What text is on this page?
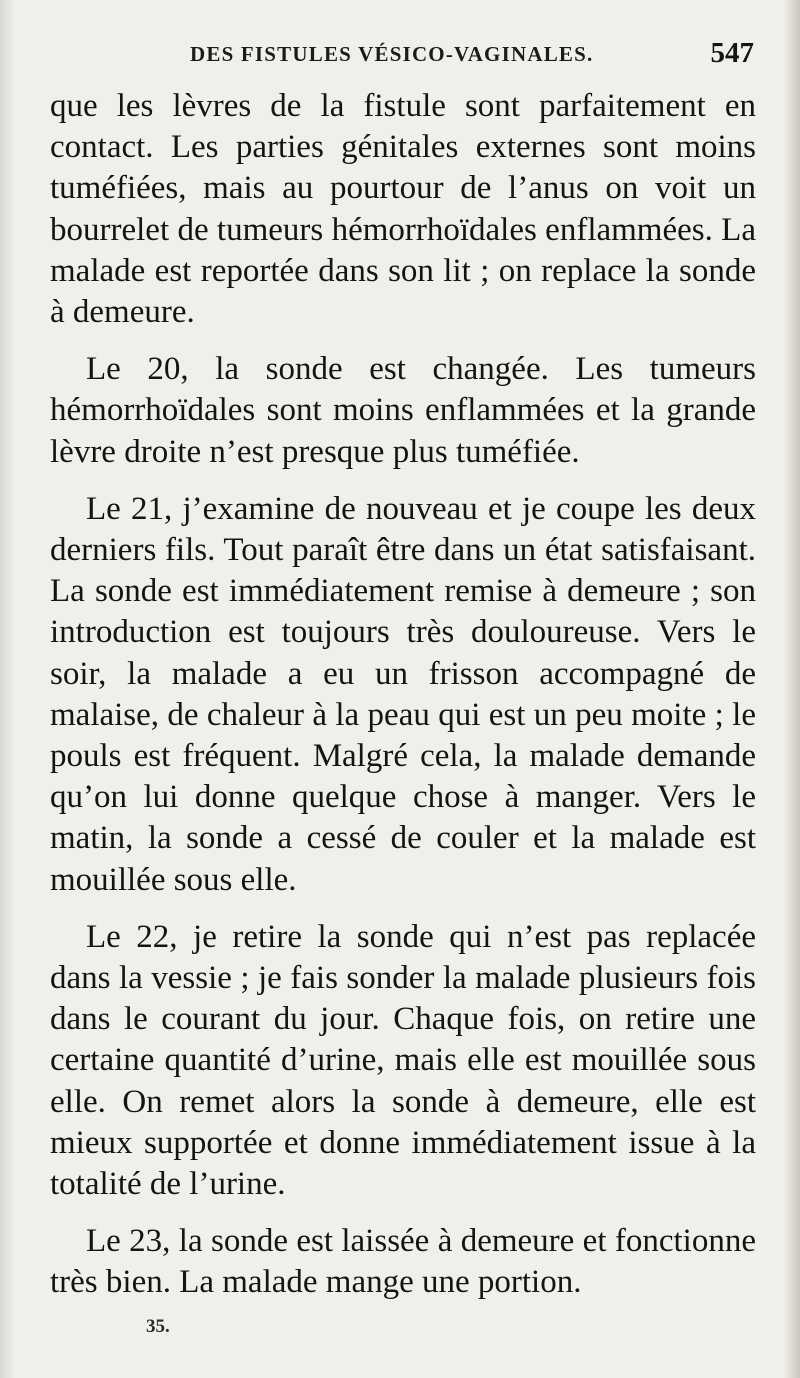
DES FISTULES VÉSICO-VAGINALES.	547

que les lèvres de la fistule sont parfaitement en contact. Les parties génitales externes sont moins tuméfiées, mais au pourtour de l’anus on voit un bourrelet de tumeurs hémorrhoïdales enflammées. La malade est reportée dans son lit ; on replace la sonde à demeure.

Le 20, la sonde est changée. Les tumeurs hémorrhoïdales sont moins enflammées et la grande lèvre droite n’est presque plus tuméfiée.

Le 21, j’examine de nouveau et je coupe les deux derniers fils. Tout paraît être dans un état satisfaisant. La sonde est immédiatement remise à demeure ; son introduction est toujours très douloureuse. Vers le soir, la malade a eu un frisson accompagné de malaise, de chaleur à la peau qui est un peu moite ; le pouls est fréquent. Malgré cela, la malade demande qu’on lui donne quelque chose à manger. Vers le matin, la sonde a cessé de couler et la malade est mouillée sous elle.

Le 22, je retire la sonde qui n’est pas replacée dans la vessie ; je fais sonder la malade plusieurs fois dans le courant du jour. Chaque fois, on retire une certaine quantité d’urine, mais elle est mouillée sous elle. On remet alors la sonde à demeure, elle est mieux supportée et donne immédiatement issue à la totalité de l’urine.

Le 23, la sonde est laissée à demeure et fonctionne très bien. La malade mange une portion.

35.
